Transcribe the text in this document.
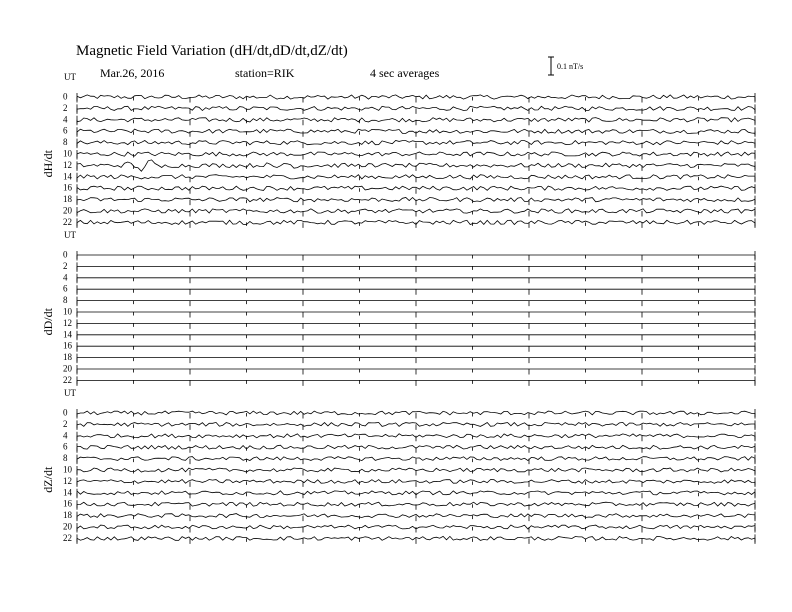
Magnetic Field Variation (dH/dt,dD/dt,dZ/dt)
Mar.26, 2016	station=RIK	4 sec averages	0.1 nT/s
UT
dH/dt
0
2
4
6
8
10
12
14
16
18
20
22
UT
dD/dt
0
2
4
6
8
10
12
14
16
18
20
22
UT
dZ/dt
0
2
4
6
8
10
12
14
16
18
20
22
